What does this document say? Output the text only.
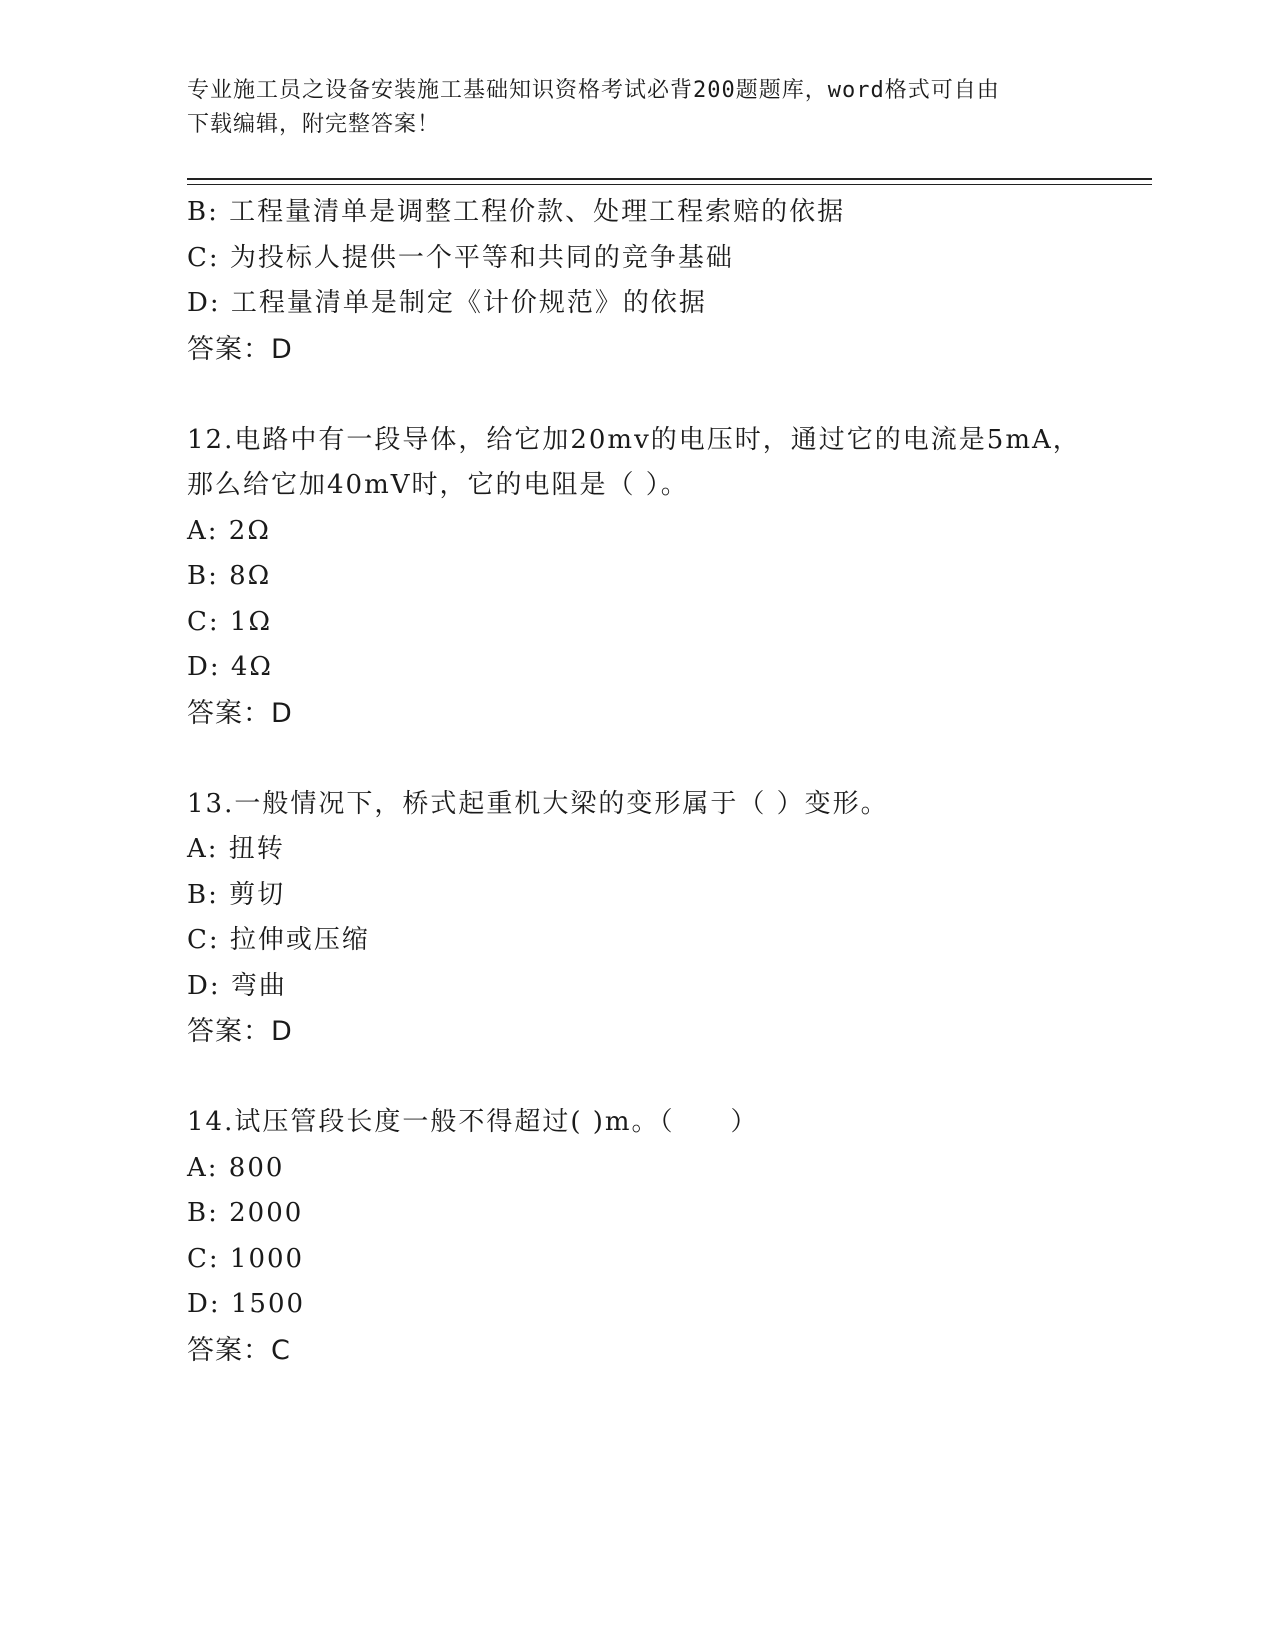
专业施工员之设备安装施工基础知识资格考试必背200题题库，word格式可自由
下载编辑，附完整答案！
B: 工程量清单是调整工程价款、处理工程索赔的依据
C: 为投标人提供一个平等和共同的竞争基础
D: 工程量清单是制定《计价规范》的依据
答案：D
12.电路中有一段导体，给它加20mv的电压时，通过它的电流是5mA，
那么给它加40mV时，它的电阻是（ ）。
A: 2Ω
B: 8Ω
C: 1Ω
D: 4Ω
答案：D
13.一般情况下，桥式起重机大梁的变形属于（ ）变形。
A: 扭转
B: 剪切
C: 拉伸或压缩
D: 弯曲
答案：D
14.试压管段长度一般不得超过( )m。（　　）
A: 800
B: 2000
C: 1000
D: 1500
答案：C
